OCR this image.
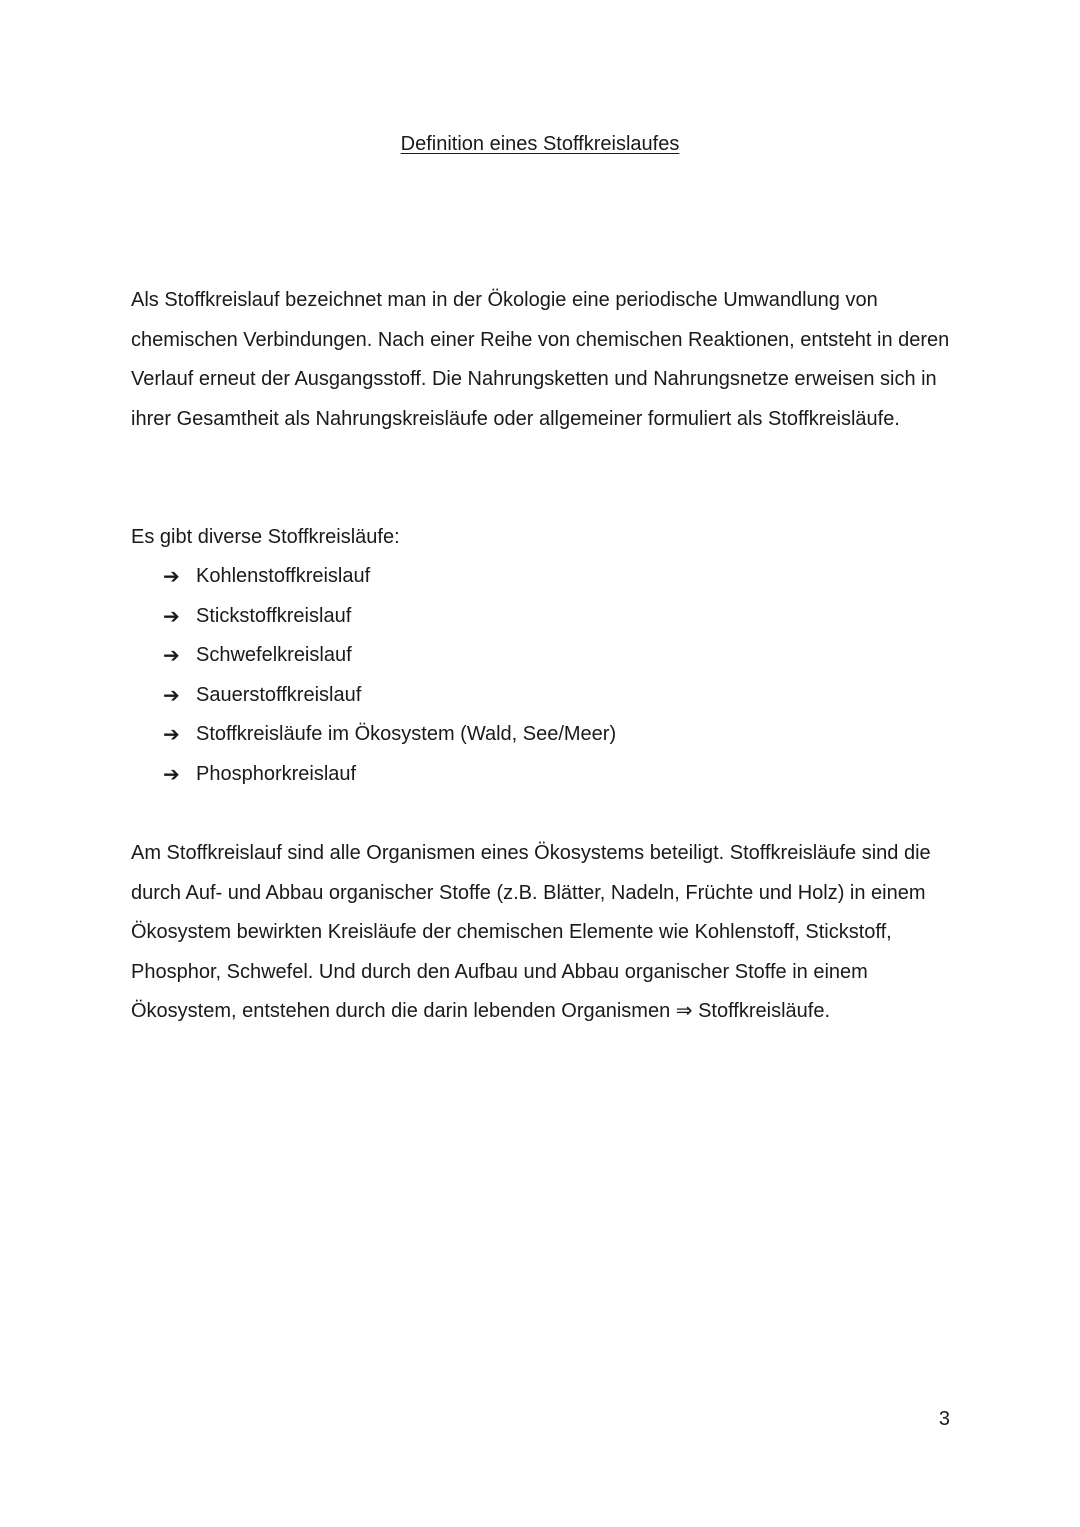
Definition eines Stoffkreislaufes
Als Stoffkreislauf bezeichnet man in der Ökologie eine periodische Umwandlung von chemischen Verbindungen. Nach einer Reihe von chemischen Reaktionen, entsteht in deren Verlauf erneut der Ausgangsstoff. Die Nahrungsketten und Nahrungsnetze erweisen sich in ihrer Gesamtheit als Nahrungskreisläufe oder allgemeiner formuliert als Stoffkreisläufe.
Es gibt diverse Stoffkreisläufe:
➔ Kohlenstoffkreislauf
➔ Stickstoffkreislauf
➔ Schwefelkreislauf
➔ Sauerstoffkreislauf
➔ Stoffkreisläufe im Ökosystem (Wald, See/Meer)
➔ Phosphorkreislauf
Am Stoffkreislauf sind alle Organismen eines Ökosystems beteiligt. Stoffkreisläufe sind die durch Auf- und Abbau organischer Stoffe (z.B. Blätter, Nadeln, Früchte und Holz) in einem Ökosystem bewirkten Kreisläufe der chemischen Elemente wie Kohlenstoff, Stickstoff, Phosphor, Schwefel. Und durch den Aufbau und Abbau organischer Stoffe in einem Ökosystem, entstehen durch die darin lebenden Organismen ⇒ Stoffkreisläufe.
3
